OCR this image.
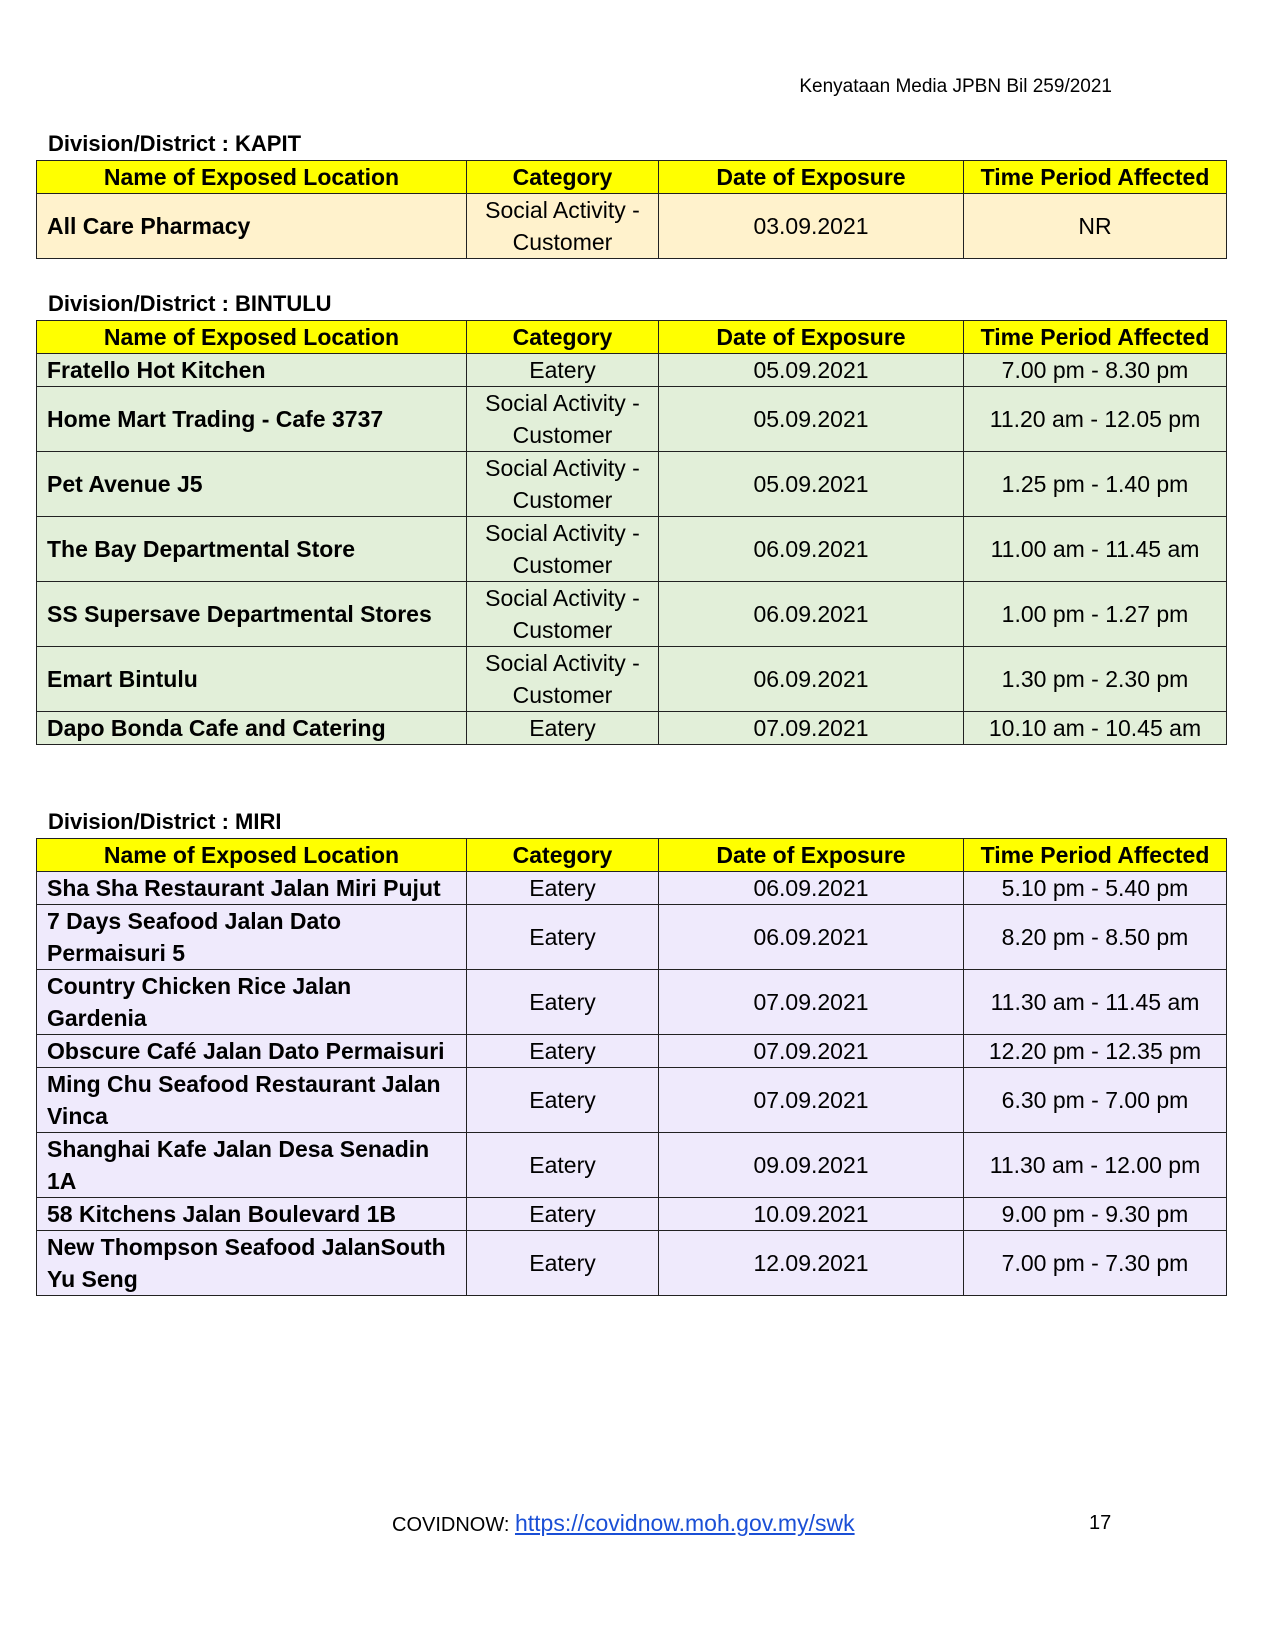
Kenyataan Media JPBN Bil 259/2021
Division/District : KAPIT
Name of Exposed Location	Category	Date of Exposure	Time Period Affected
All Care Pharmacy	Social Activity - Customer	03.09.2021	NR
Division/District : BINTULU
Name of Exposed Location	Category	Date of Exposure	Time Period Affected
Fratello Hot Kitchen	Eatery	05.09.2021	7.00 pm - 8.30 pm
Home Mart Trading - Cafe 3737	Social Activity - Customer	05.09.2021	11.20 am - 12.05 pm
Pet Avenue J5	Social Activity - Customer	05.09.2021	1.25 pm - 1.40 pm
The Bay Departmental Store	Social Activity - Customer	06.09.2021	11.00 am - 11.45 am
SS Supersave Departmental Stores	Social Activity - Customer	06.09.2021	1.00 pm - 1.27 pm
Emart Bintulu	Social Activity - Customer	06.09.2021	1.30 pm - 2.30 pm
Dapo Bonda Cafe and Catering	Eatery	07.09.2021	10.10 am - 10.45 am
Division/District : MIRI
Name of Exposed Location	Category	Date of Exposure	Time Period Affected
Sha Sha Restaurant Jalan Miri Pujut	Eatery	06.09.2021	5.10 pm - 5.40 pm
7 Days Seafood Jalan Dato Permaisuri 5	Eatery	06.09.2021	8.20 pm - 8.50 pm
Country Chicken Rice Jalan Gardenia	Eatery	07.09.2021	11.30 am - 11.45 am
Obscure Café Jalan Dato Permaisuri	Eatery	07.09.2021	12.20 pm - 12.35 pm
Ming Chu Seafood Restaurant Jalan Vinca	Eatery	07.09.2021	6.30 pm - 7.00 pm
Shanghai Kafe Jalan Desa Senadin 1A	Eatery	09.09.2021	11.30 am - 12.00 pm
58 Kitchens Jalan Boulevard 1B	Eatery	10.09.2021	9.00 pm - 9.30 pm
New Thompson Seafood JalanSouth Yu Seng	Eatery	12.09.2021	7.00 pm - 7.30 pm
COVIDNOW: https://covidnow.moh.gov.my/swk	17
